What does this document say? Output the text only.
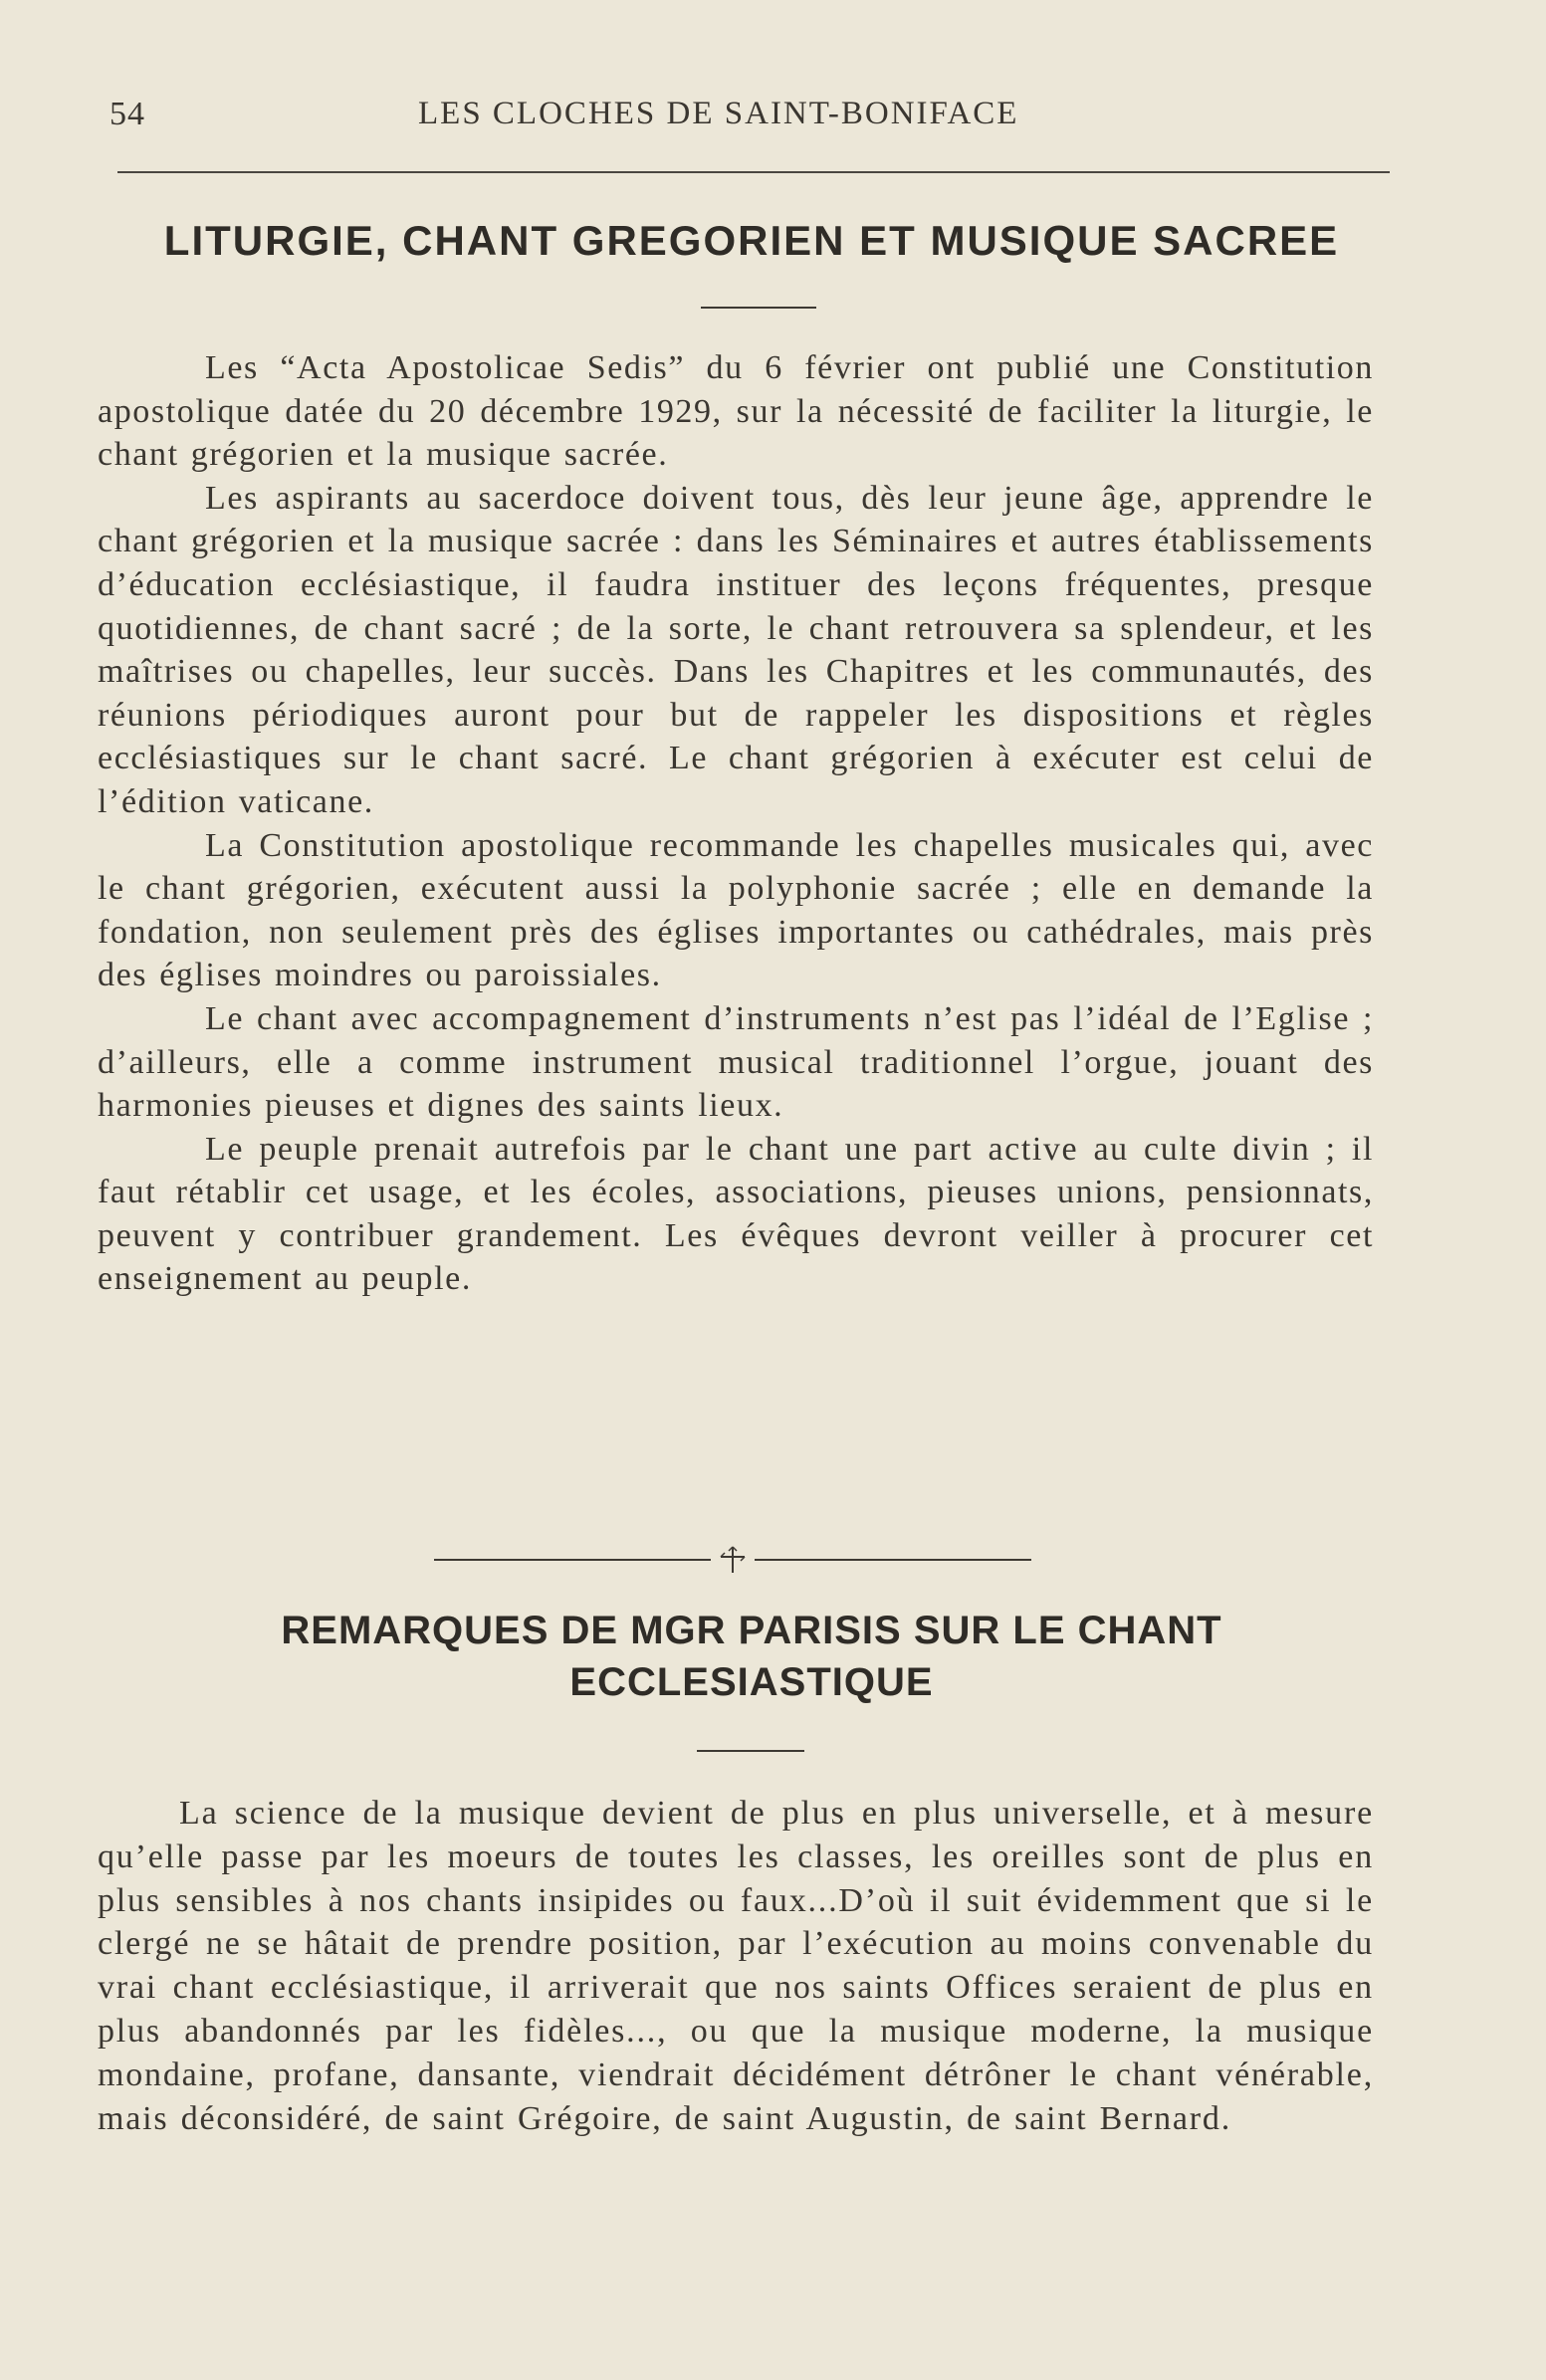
54	LES CLOCHES DE SAINT-BONIFACE
LITURGIE, CHANT GREGORIEN ET MUSIQUE SACREE

Les “Acta Apostolicae Sedis” du 6 février ont publié une Constitution apostolique datée du 20 décembre 1929, sur la nécessité de faciliter la liturgie, le chant grégorien et la musique sacrée.

Les aspirants au sacerdoce doivent tous, dès leur jeune âge, apprendre le chant grégorien et la musique sacrée : dans les Séminaires et autres établissements d’éducation ecclésiastique, il faudra instituer des leçons fréquentes, presque quotidiennes, de chant sacré ; de la sorte, le chant retrouvera sa splendeur, et les maîtrises ou chapelles, leur succès. Dans les Chapitres et les communautés, des réunions périodiques auront pour but de rappeler les dispositions et règles ecclésiastiques sur le chant sacré. Le chant grégorien à exécuter est celui de l’édition vaticane.

La Constitution apostolique recommande les chapelles musicales qui, avec le chant grégorien, exécutent aussi la polyphonie sacrée ; elle en demande la fondation, non seulement près des églises importantes ou cathédrales, mais près des églises moindres ou paroissiales.

Le chant avec accompagnement d’instruments n’est pas l’idéal de l’Eglise ; d’ailleurs, elle a comme instrument musical traditionnel l’orgue, jouant des harmonies pieuses et dignes des saints lieux.

Le peuple prenait autrefois par le chant une part active au culte divin ; il faut rétablir cet usage, et les écoles, associations, pieuses unions, pensionnats, peuvent y contribuer grandement. Les évêques devront veiller à procurer cet enseignement au peuple.

REMARQUES DE MGR PARISIS SUR LE CHANT
ECCLESIASTIQUE

La science de la musique devient de plus en plus universelle, et à mesure qu’elle passe par les moeurs de toutes les classes, les oreilles sont de plus en plus sensibles à nos chants insipides ou faux...D’où il suit évidemment que si le clergé ne se hâtait de prendre position, par l’exécution au moins convenable du vrai chant ecclésiastique, il arriverait que nos saints Offices seraient de plus en plus abandonnés par les fidèles..., ou que la musique moderne, la musique mondaine, profane, dansante, viendrait décidément détrôner le chant vénérable, mais déconsidéré, de saint Grégoire, de saint Augustin, de saint Bernard.
